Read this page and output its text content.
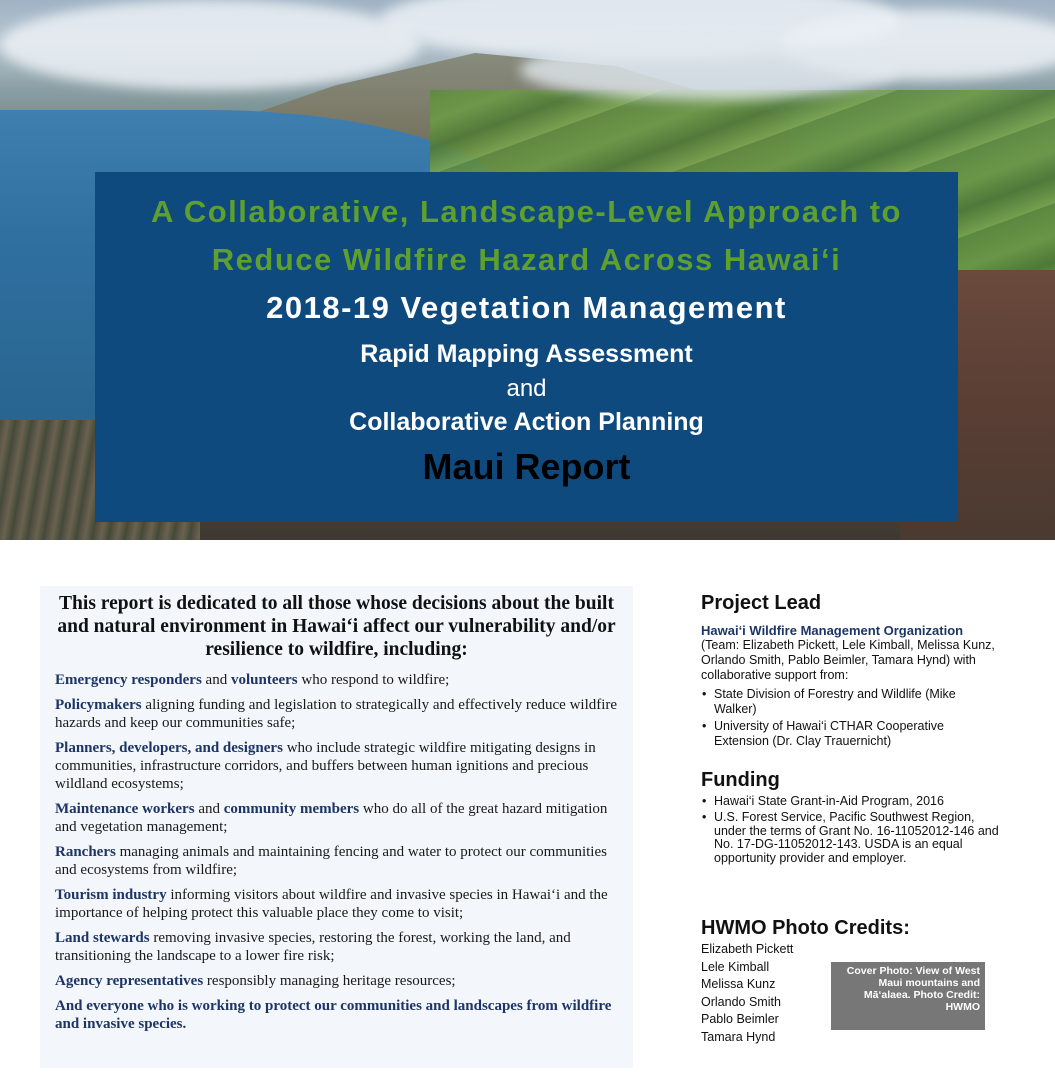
A Collaborative, Landscape-Level Approach to
Reduce Wildfire Hazard Across Hawai‘i
2018-19 Vegetation Management
Rapid Mapping Assessment
and
Collaborative Action Planning
Maui Report
This report is dedicated to all those whose decisions about the built and natural environment in Hawai‘i affect our vulnerability and/or resilience to wildfire, including:
Emergency responders and volunteers who respond to wildfire;
Policymakers aligning funding and legislation to strategically and effectively reduce wildfire hazards and keep our communities safe;
Planners, developers, and designers who include strategic wildfire mitigating designs in communities, infrastructure corridors, and buffers between human ignitions and precious wildland ecosystems;
Maintenance workers and community members who do all of the great hazard mitigation and vegetation management;
Ranchers managing animals and maintaining fencing and water to protect our communities and ecosystems from wildfire;
Tourism industry informing visitors about wildfire and invasive species in Hawai‘i and the importance of helping protect this valuable place they come to visit;
Land stewards removing invasive species, restoring the forest, working the land, and transitioning the landscape to a lower fire risk;
Agency representatives responsibly managing heritage resources;
And everyone who is working to protect our communities and landscapes from wildfire and invasive species.
Project Lead
Hawai‘i Wildfire Management Organization
(Team: Elizabeth Pickett, Lele Kimball, Melissa Kunz, Orlando Smith, Pablo Beimler, Tamara Hynd) with collaborative support from:
• State Division of Forestry and Wildlife (Mike Walker)
• University of Hawai‘i CTHAR Cooperative Extension (Dr. Clay Trauernicht)
Funding
• Hawai‘i State Grant-in-Aid Program, 2016
• U.S. Forest Service, Pacific Southwest Region, under the terms of Grant No. 16-11052012-146 and No. 17-DG-11052012-143. USDA is an equal opportunity provider and employer.
HWMO Photo Credits:
Elizabeth Pickett
Lele Kimball
Melissa Kunz
Orlando Smith
Pablo Beimler
Tamara Hynd
Cover Photo: View of West Maui mountains and Mā‘alaea. Photo Credit: HWMO
